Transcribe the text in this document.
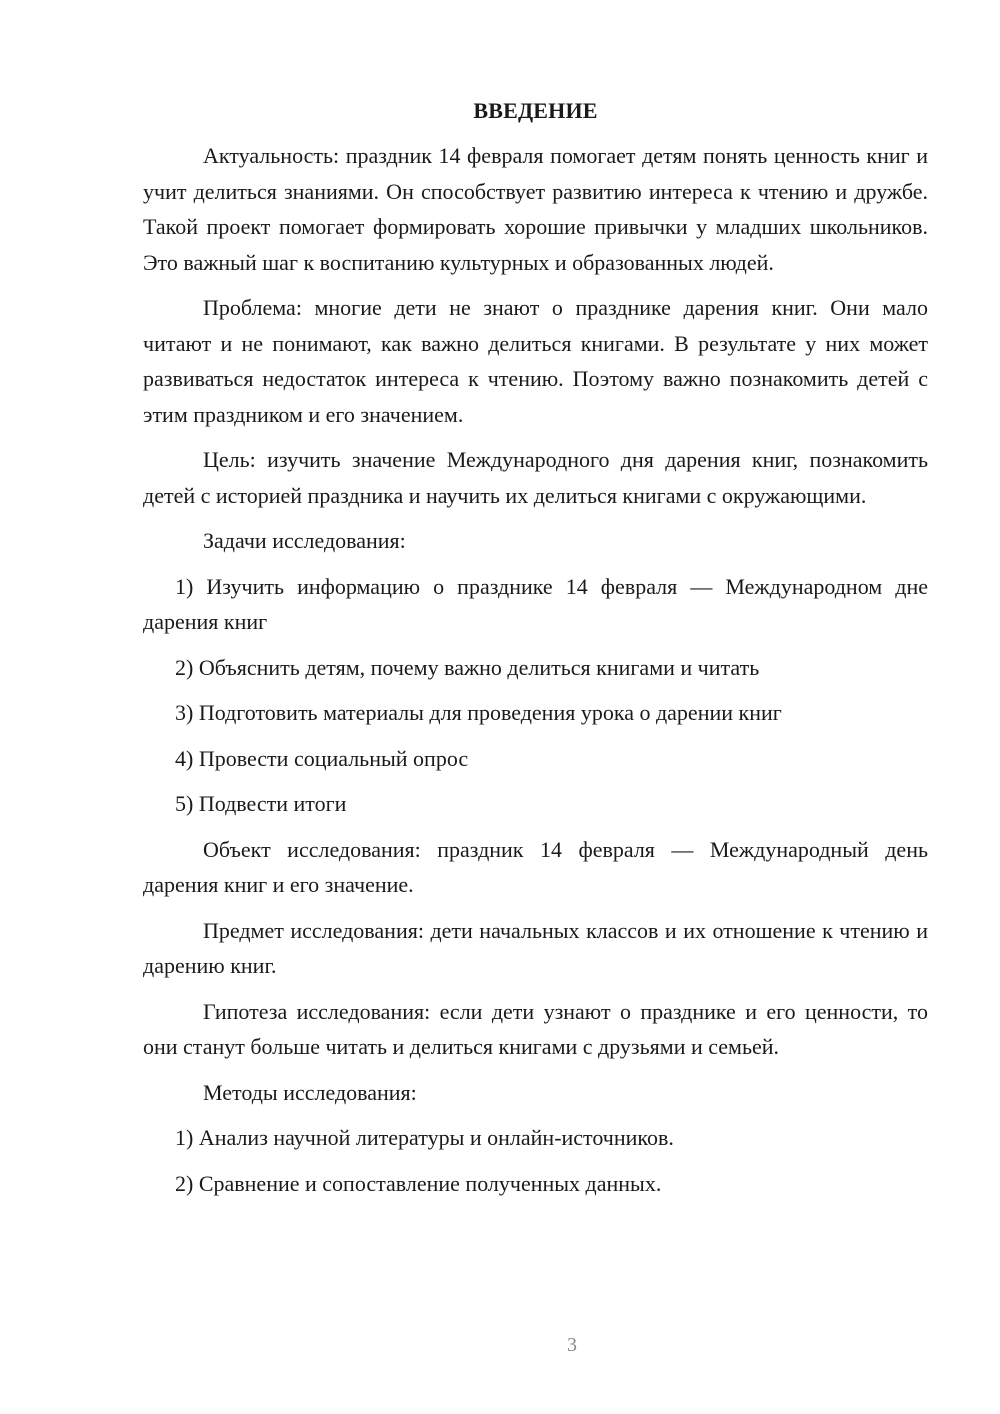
ВВЕДЕНИЕ

Актуальность: праздник 14 февраля помогает детям понять ценность книг и учит делиться знаниями. Он способствует развитию интереса к чтению и дружбе. Такой проект помогает формировать хорошие привычки у младших школьников. Это важный шаг к воспитанию культурных и образованных людей.

Проблема: многие дети не знают о празднике дарения книг. Они мало читают и не понимают, как важно делиться книгами. В результате у них может развиваться недостаток интереса к чтению. Поэтому важно познакомить детей с этим праздником и его значением.

Цель: изучить значение Международного дня дарения книг, познакомить детей с историей праздника и научить их делиться книгами с окружающими.

Задачи исследования:

1) Изучить информацию о празднике 14 февраля — Международном дне дарения книг

2) Объяснить детям, почему важно делиться книгами и читать

3) Подготовить материалы для проведения урока о дарении книг

4) Провести социальный опрос

5) Подвести итоги

Объект исследования: праздник 14 февраля — Международный день дарения книг и его значение.

Предмет исследования: дети начальных классов и их отношение к чтению и дарению книг.

Гипотеза исследования: если дети узнают о празднике и его ценности, то они станут больше читать и делиться книгами с друзьями и семьей.

Методы исследования:

1) Анализ научной литературы и онлайн-источников.

2) Сравнение и сопоставление полученных данных.

3
